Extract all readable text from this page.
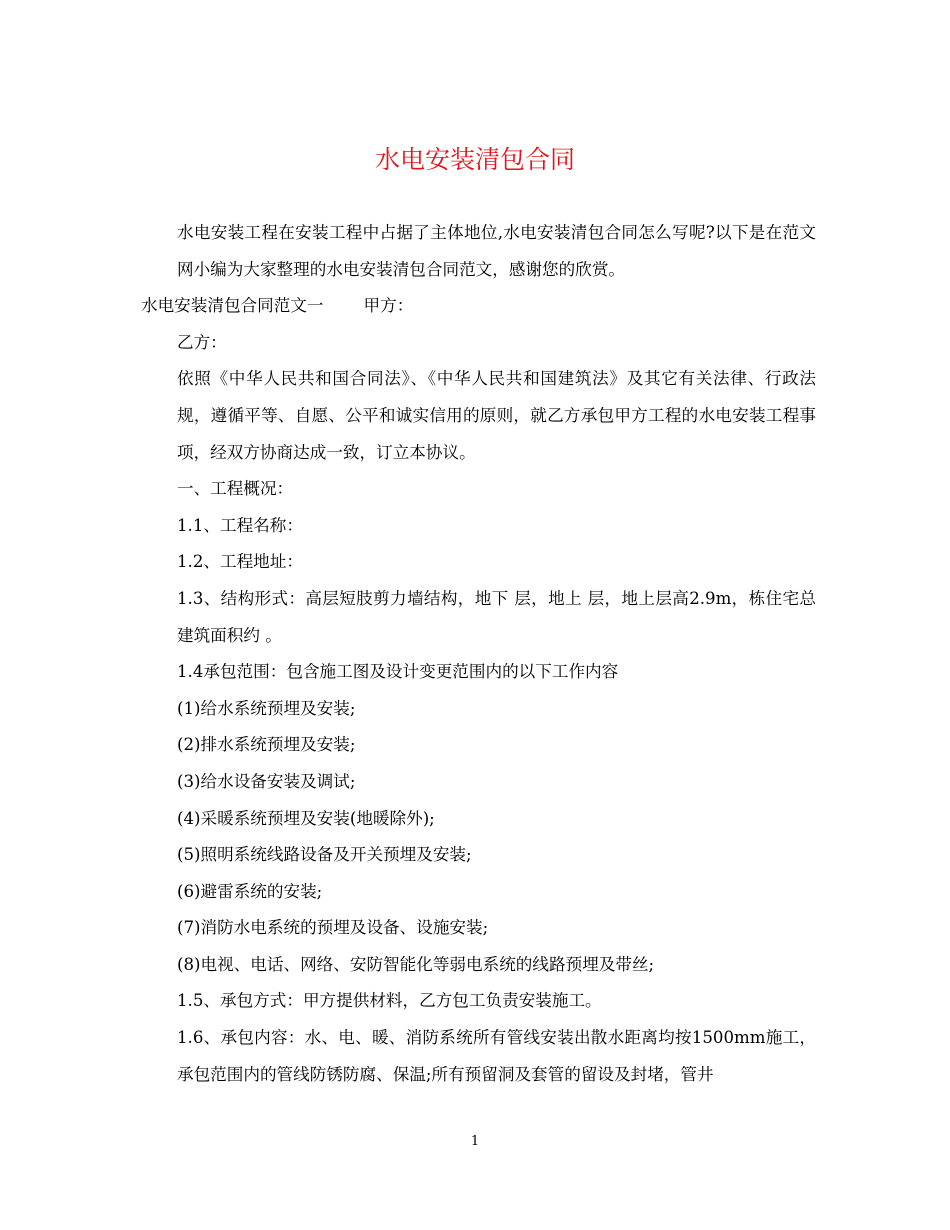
水电安装清包合同

水电安装工程在安装工程中占据了主体地位,水电安装清包合同怎么写呢?以下是在范文网小编为大家整理的水电安装清包合同范文，感谢您的欣赏。

水电安装清包合同范文一 甲方：

乙方：

依照《中华人民共和国合同法》、《中华人民共和国建筑法》及其它有关法律、行政法规，遵循平等、自愿、公平和诚实信用的原则，就乙方承包甲方工程的水电安装工程事项，经双方协商达成一致，订立本协议。

一、工程概况：

1.1、工程名称：

1.2、工程地址：

1.3、结构形式：高层短肢剪力墙结构，地下 层，地上 层，地上层高2.9m，栋住宅总建筑面积约 。

1.4承包范围：包含施工图及设计变更范围内的以下工作内容

(1)给水系统预埋及安装;

(2)排水系统预埋及安装;

(3)给水设备安装及调试;

(4)采暖系统预埋及安装(地暖除外);

(5)照明系统线路设备及开关预埋及安装;

(6)避雷系统的安装;

(7)消防水电系统的预埋及设备、设施安装;

(8)电视、电话、网络、安防智能化等弱电系统的线路预埋及带丝;

1.5、承包方式：甲方提供材料，乙方包工负责安装施工。

1.6、承包内容：水、电、暖、消防系统所有管线安装出散水距离均按1500mm施工，承包范围内的管线防锈防腐、保温;所有预留洞及套管的留设及封堵，管井

1
